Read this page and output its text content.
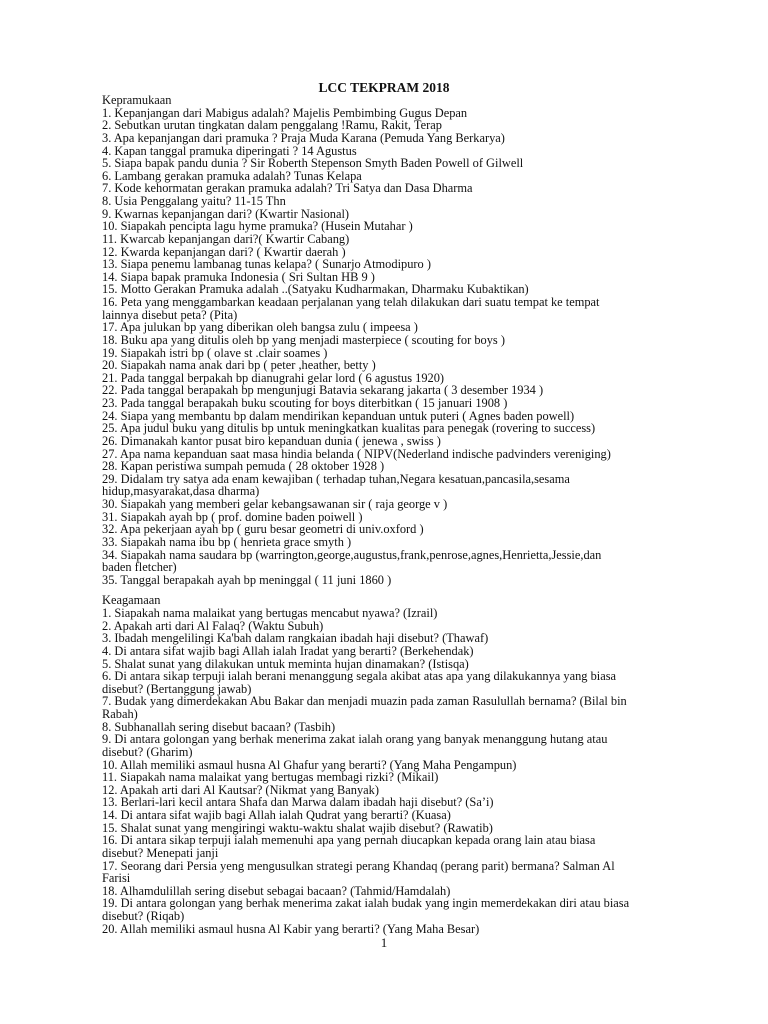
LCC TEKPRAM 2018
Kepramukaan
1. Kepanjangan dari Mabigus adalah? Majelis Pembimbing Gugus Depan
2. Sebutkan urutan tingkatan dalam penggalang !Ramu, Rakit, Terap
3. Apa kepanjangan dari pramuka ? Praja Muda Karana (Pemuda Yang Berkarya)
4. Kapan tanggal pramuka diperingati ? 14 Agustus
5. Siapa bapak pandu dunia ? Sir Roberth Stepenson Smyth Baden Powell of Gilwell
6. Lambang gerakan pramuka adalah? Tunas Kelapa
7. Kode kehormatan gerakan pramuka adalah? Tri Satya dan Dasa Dharma
8. Usia Penggalang yaitu? 11-15 Thn
9. Kwarnas kepanjangan dari? (Kwartir Nasional)
10. Siapakah pencipta lagu hyme pramuka? (Husein Mutahar )
11. Kwarcab kepanjangan dari?( Kwartir Cabang)
12. Kwarda kepanjangan dari? ( Kwartir daerah )
13. Siapa penemu lambanag tunas kelapa? ( Sunarjo Atmodipuro )
14. Siapa bapak pramuka Indonesia ( Sri Sultan HB 9 )
15. Motto Gerakan Pramuka adalah ..(Satyaku Kudharmakan, Dharmaku Kubaktikan)
16. Peta yang menggambarkan keadaan perjalanan yang telah dilakukan dari suatu tempat ke tempat
lainnya disebut peta? (Pita)
17. Apa julukan bp yang diberikan oleh bangsa zulu ( impeesa )
18. Buku apa yang ditulis oleh bp yang menjadi masterpiece ( scouting for boys )
19. Siapakah istri bp ( olave st .clair soames )
20. Siapakah nama anak dari bp ( peter ,heather, betty )
21. Pada tanggal berpakah bp dianugrahi gelar lord ( 6 agustus 1920)
22. Pada tanggal berapakah bp mengunjugi Batavia sekarang jakarta ( 3 desember 1934 )
23. Pada tanggal berapakah buku scouting for boys diterbitkan ( 15 januari 1908 )
24. Siapa yang membantu bp dalam mendirikan kepanduan untuk puteri ( Agnes baden powell)
25. Apa judul buku yang ditulis bp untuk meningkatkan kualitas para penegak (rovering to success)
26. Dimanakah kantor pusat biro kepanduan dunia ( jenewa , swiss )
27. Apa nama kepanduan saat masa hindia belanda ( NIPV(Nederland indische padvinders vereniging)
28. Kapan peristiwa sumpah pemuda ( 28 oktober 1928 )
29. Didalam try satya ada enam kewajiban ( terhadap tuhan,Negara kesatuan,pancasila,sesama
hidup,masyarakat,dasa dharma)
30. Siapakah yang memberi gelar kebangsawanan sir ( raja george v )
31. Siapakah ayah bp ( prof. domine baden poiwell )
32. Apa pekerjaan ayah bp ( guru besar geometri di univ.oxford )
33. Siapakah nama ibu bp ( henrieta grace smyth )
34. Siapakah nama saudara bp (warrington,george,augustus,frank,penrose,agnes,Henrietta,Jessie,dan
baden fletcher)
35. Tanggal berapakah ayah bp meninggal ( 11 juni 1860 )
Keagamaan
1. Siapakah nama malaikat yang bertugas mencabut nyawa? (Izrail)
2. Apakah arti dari Al Falaq? (Waktu Subuh)
3. Ibadah mengelilingi Ka'bah dalam rangkaian ibadah haji disebut? (Thawaf)
4. Di antara sifat wajib bagi Allah ialah Iradat yang berarti? (Berkehendak)
5. Shalat sunat yang dilakukan untuk meminta hujan dinamakan? (Istisqa)
6. Di antara sikap terpuji ialah berani menanggung segala akibat atas apa yang dilakukannya yang biasa
disebut? (Bertanggung jawab)
7. Budak yang dimerdekakan Abu Bakar dan menjadi muazin pada zaman Rasulullah bernama? (Bilal bin
Rabah)
8. Subhanallah sering disebut bacaan? (Tasbih)
9. Di antara golongan yang berhak menerima zakat ialah orang yang banyak menanggung hutang atau
disebut? (Gharim)
10. Allah memiliki asmaul husna Al Ghafur yang berarti? (Yang Maha Pengampun)
11. Siapakah nama malaikat yang bertugas membagi rizki? (Mikail)
12. Apakah arti dari Al Kautsar? (Nikmat yang Banyak)
13. Berlari-lari kecil antara Shafa dan Marwa dalam ibadah haji disebut? (Sa’i)
14. Di antara sifat wajib bagi Allah ialah Qudrat yang berarti? (Kuasa)
15. Shalat sunat yang mengiringi waktu-waktu shalat wajib disebut? (Rawatib)
16. Di antara sikap terpuji ialah memenuhi apa yang pernah diucapkan kepada orang lain atau biasa
disebut? Menepati janji
17. Seorang dari Persia yeng mengusulkan strategi perang Khandaq (perang parit) bermana? Salman Al
Farisi
18. Alhamdulillah sering disebut sebagai bacaan? (Tahmid/Hamdalah)
19. Di antara golongan yang berhak menerima zakat ialah budak yang ingin memerdekakan diri atau biasa
disebut? (Riqab)
20. Allah memiliki asmaul husna Al Kabir yang berarti? (Yang Maha Besar)
1
